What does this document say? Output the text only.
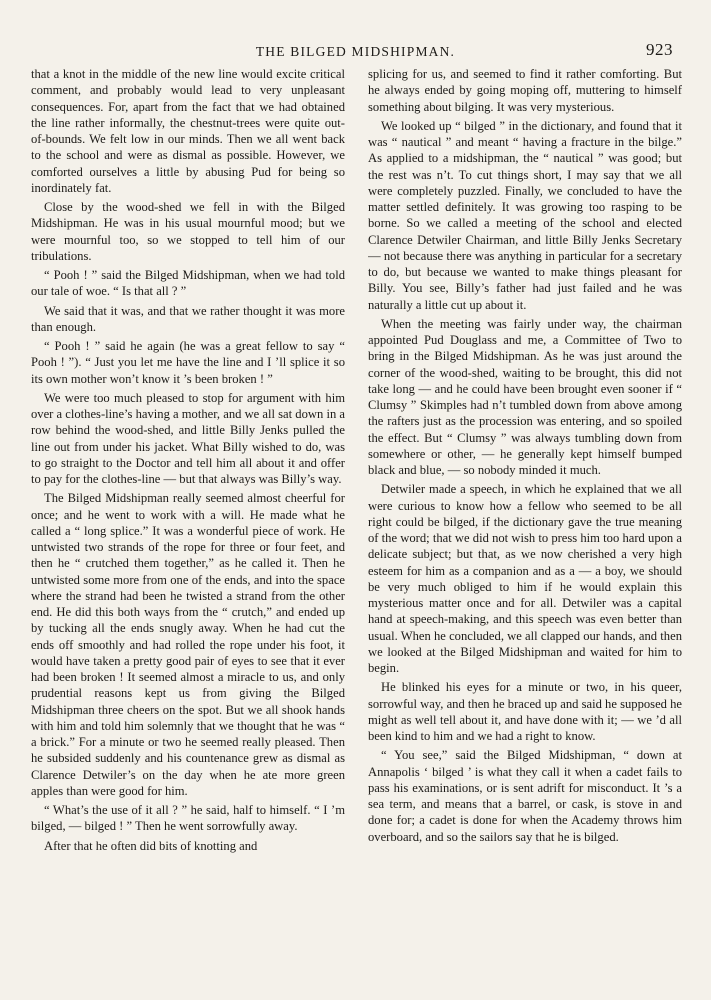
THE BILGED MIDSHIPMAN.	923

that a knot in the middle of the new line would excite critical comment, and probably would lead to very unpleasant consequences. For, apart from the fact that we had obtained the line rather informally, the chestnut-trees were quite out-of-bounds. We felt low in our minds. Then we all went back to the school and were as dismal as possible. However, we comforted ourselves a little by abusing Pud for being so inordinately fat.

Close by the wood-shed we fell in with the Bilged Midshipman. He was in his usual mournful mood; but we were mournful too, so we stopped to tell him of our tribulations.

“ Pooh ! ” said the Bilged Midshipman, when we had told our tale of woe. “ Is that all ? ”

We said that it was, and that we rather thought it was more than enough.

“ Pooh ! ” said he again (he was a great fellow to say “ Pooh ! ”). “ Just you let me have the line and I ’ll splice it so its own mother won’t know it ’s been broken ! ”

We were too much pleased to stop for argument with him over a clothes-line’s having a mother, and we all sat down in a row behind the wood-shed, and little Billy Jenks pulled the line out from under his jacket. What Billy wished to do, was to go straight to the Doctor and tell him all about it and offer to pay for the clothes-line — but that always was Billy’s way.

The Bilged Midshipman really seemed almost cheerful for once; and he went to work with a will. He made what he called a “ long splice.” It was a wonderful piece of work. He untwisted two strands of the rope for three or four feet, and then he “ crutched them together,” as he called it. Then he untwisted some more from one of the ends, and into the space where the strand had been he twisted a strand from the other end. He did this both ways from the “ crutch,” and ended up by tucking all the ends snugly away. When he had cut the ends off smoothly and had rolled the rope under his foot, it would have taken a pretty good pair of eyes to see that it ever had been broken ! It seemed almost a miracle to us, and only prudential reasons kept us from giving the Bilged Midshipman three cheers on the spot. But we all shook hands with him and told him solemnly that we thought that he was “ a brick.” For a minute or two he seemed really pleased. Then he subsided suddenly and his countenance grew as dismal as Clarence Detwiler’s on the day when he ate more green apples than were good for him.

“ What’s the use of it all ? ” he said, half to himself. “ I ’m bilged, — bilged ! ” Then he went sorrowfully away.

After that he often did bits of knotting and

splicing for us, and seemed to find it rather comforting. But he always ended by going moping off, muttering to himself something about bilging. It was very mysterious.

We looked up “ bilged ” in the dictionary, and found that it was “ nautical ” and meant “ having a fracture in the bilge.” As applied to a midshipman, the “ nautical ” was good; but the rest was n’t. To cut things short, I may say that we all were completely puzzled. Finally, we concluded to have the matter settled definitely. It was growing too rasping to be borne. So we called a meeting of the school and elected Clarence Detwiler Chairman, and little Billy Jenks Secretary — not because there was anything in particular for a secretary to do, but because we wanted to make things pleasant for Billy. You see, Billy’s father had just failed and he was naturally a little cut up about it.

When the meeting was fairly under way, the chairman appointed Pud Douglass and me, a Committee of Two to bring in the Bilged Midshipman. As he was just around the corner of the wood-shed, waiting to be brought, this did not take long — and he could have been brought even sooner if “ Clumsy ” Skimples had n’t tumbled down from above among the rafters just as the procession was entering, and so spoiled the effect. But “ Clumsy ” was always tumbling down from somewhere or other, — he generally kept himself bumped black and blue, — so nobody minded it much.

Detwiler made a speech, in which he explained that we all were curious to know how a fellow who seemed to be all right could be bilged, if the dictionary gave the true meaning of the word; that we did not wish to press him too hard upon a delicate subject; but that, as we now cherished a very high esteem for him as a companion and as a — a boy, we should be very much obliged to him if he would explain this mysterious matter once and for all. Detwiler was a capital hand at speech-making, and this speech was even better than usual. When he concluded, we all clapped our hands, and then we looked at the Bilged Midshipman and waited for him to begin.

He blinked his eyes for a minute or two, in his queer, sorrowful way, and then he braced up and said he supposed he might as well tell about it, and have done with it; — we ’d all been kind to him and we had a right to know.

“ You see,” said the Bilged Midshipman, “ down at Annapolis ‘ bilged ’ is what they call it when a cadet fails to pass his examinations, or is sent adrift for misconduct. It ’s a sea term, and means that a barrel, or cask, is stove in and done for; a cadet is done for when the Academy throws him overboard, and so the sailors say that he is bilged.
